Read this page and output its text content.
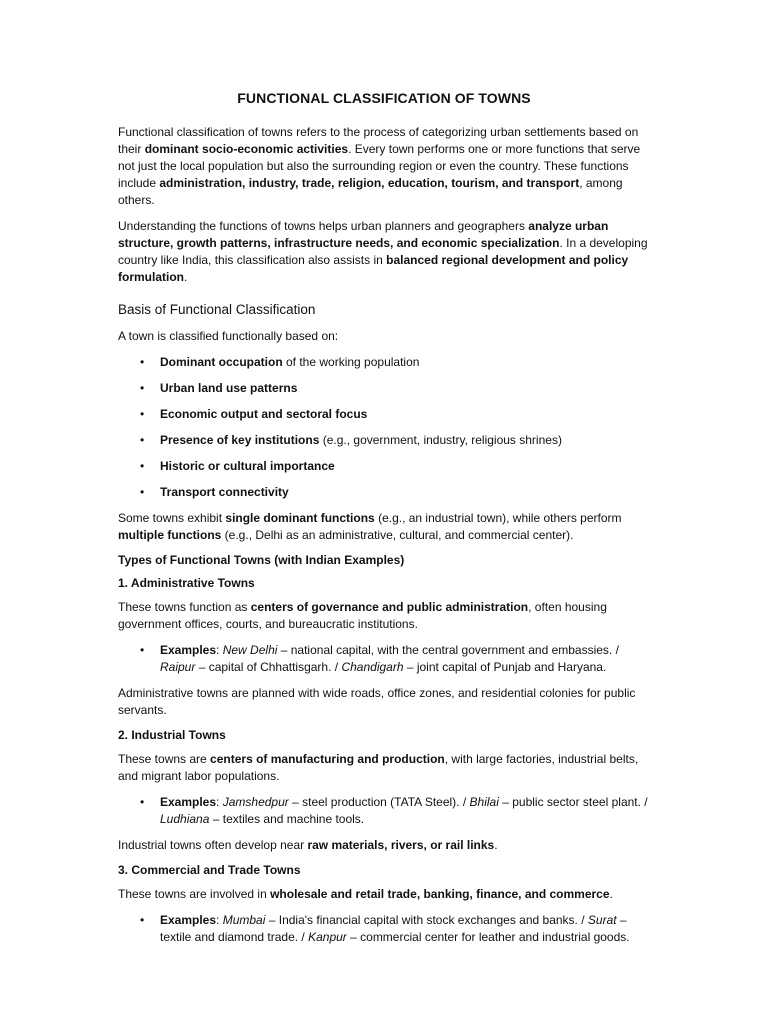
FUNCTIONAL CLASSIFICATION OF TOWNS

Functional classification of towns refers to the process of categorizing urban settlements based on their dominant socio-economic activities. Every town performs one or more functions that serve not just the local population but also the surrounding region or even the country. These functions include administration, industry, trade, religion, education, tourism, and transport, among others.

Understanding the functions of towns helps urban planners and geographers analyze urban structure, growth patterns, infrastructure needs, and economic specialization. In a developing country like India, this classification also assists in balanced regional development and policy formulation.

Basis of Functional Classification

A town is classified functionally based on:

• Dominant occupation of the working population
• Urban land use patterns
• Economic output and sectoral focus
• Presence of key institutions (e.g., government, industry, religious shrines)
• Historic or cultural importance
• Transport connectivity

Some towns exhibit single dominant functions (e.g., an industrial town), while others perform multiple functions (e.g., Delhi as an administrative, cultural, and commercial center).

Types of Functional Towns (with Indian Examples)
1. Administrative Towns

These towns function as centers of governance and public administration, often housing government offices, courts, and bureaucratic institutions.

• Examples: New Delhi – national capital, with the central government and embassies. / Raipur – capital of Chhattisgarh. / Chandigarh – joint capital of Punjab and Haryana.

Administrative towns are planned with wide roads, office zones, and residential colonies for public servants.

2. Industrial Towns

These towns are centers of manufacturing and production, with large factories, industrial belts, and migrant labor populations.

• Examples: Jamshedpur – steel production (TATA Steel). / Bhilai – public sector steel plant. / Ludhiana – textiles and machine tools.

Industrial towns often develop near raw materials, rivers, or rail links.

3. Commercial and Trade Towns

These towns are involved in wholesale and retail trade, banking, finance, and commerce.

• Examples: Mumbai – India's financial capital with stock exchanges and banks. / Surat – textile and diamond trade. / Kanpur – commercial center for leather and industrial goods.
